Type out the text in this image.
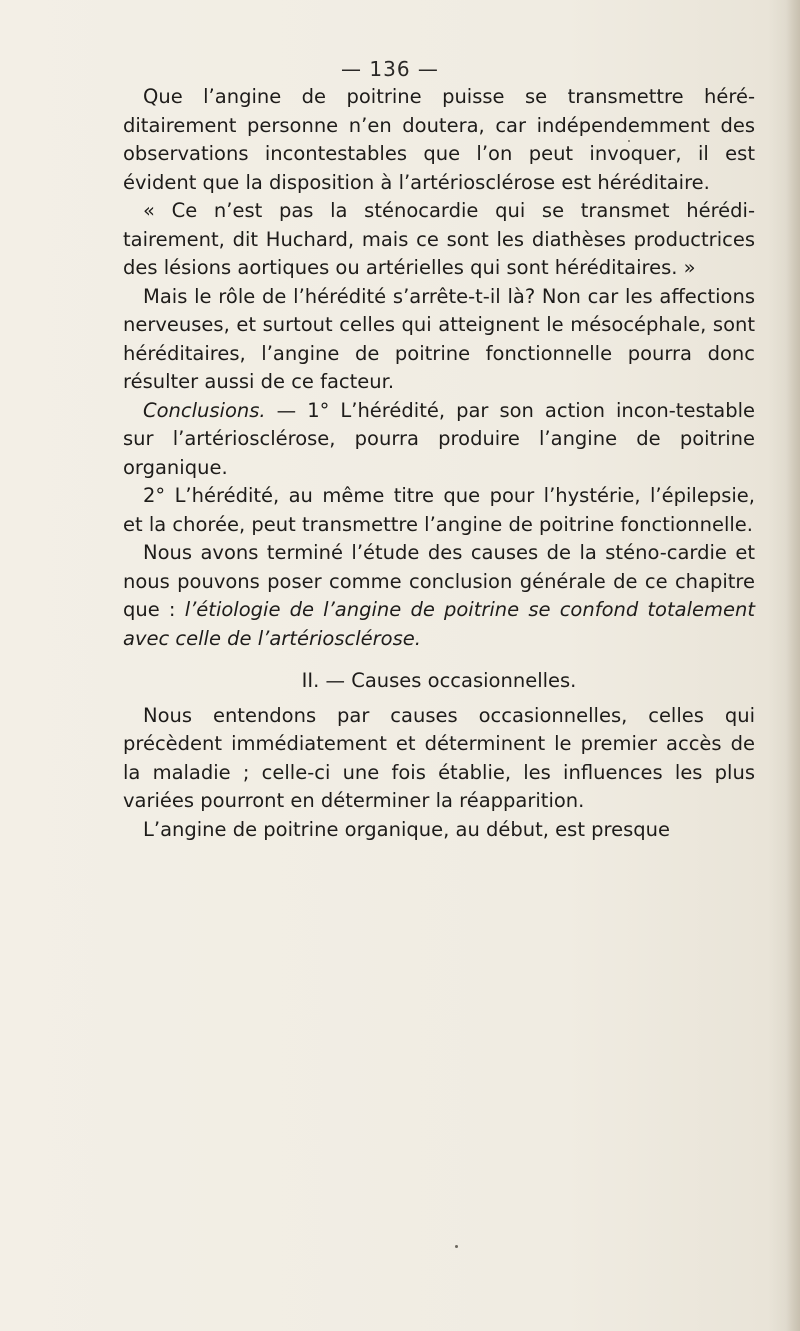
— 136 —

Que l’angine de poitrine puisse se transmettre héré-ditairement personne n’en doutera, car indépendemment des observations incontestables que l’on peut invoquer, il est évident que la disposition à l’artériosclérose est héréditaire.

« Ce n’est pas la sténocardie qui se transmet hérédi-tairement, dit Huchard, mais ce sont les diathèses productrices des lésions aortiques ou artérielles qui sont héréditaires. »

Mais le rôle de l’hérédité s’arrête-t-il là? Non car les affections nerveuses, et surtout celles qui atteignent le mésocéphale, sont héréditaires, l’angine de poitrine fonctionnelle pourra donc résulter aussi de ce facteur.

Conclusions. — 1° L’hérédité, par son action incon-testable sur l’artériosclérose, pourra produire l’angine de poitrine organique.

2° L’hérédité, au même titre que pour l’hystérie, l’épilepsie, et la chorée, peut transmettre l’angine de poitrine fonctionnelle.

Nous avons terminé l’étude des causes de la sténo-cardie et nous pouvons poser comme conclusion générale de ce chapitre que : l’étiologie de l’angine de poitrine se confond totalement avec celle de l’artériosclérose.

II. — Causes occasionnelles.

Nous entendons par causes occasionnelles, celles qui précèdent immédiatement et déterminent le premier accès de la maladie ; celle-ci une fois établie, les influences les plus variées pourront en déterminer la réapparition.

L’angine de poitrine organique, au début, est presque
